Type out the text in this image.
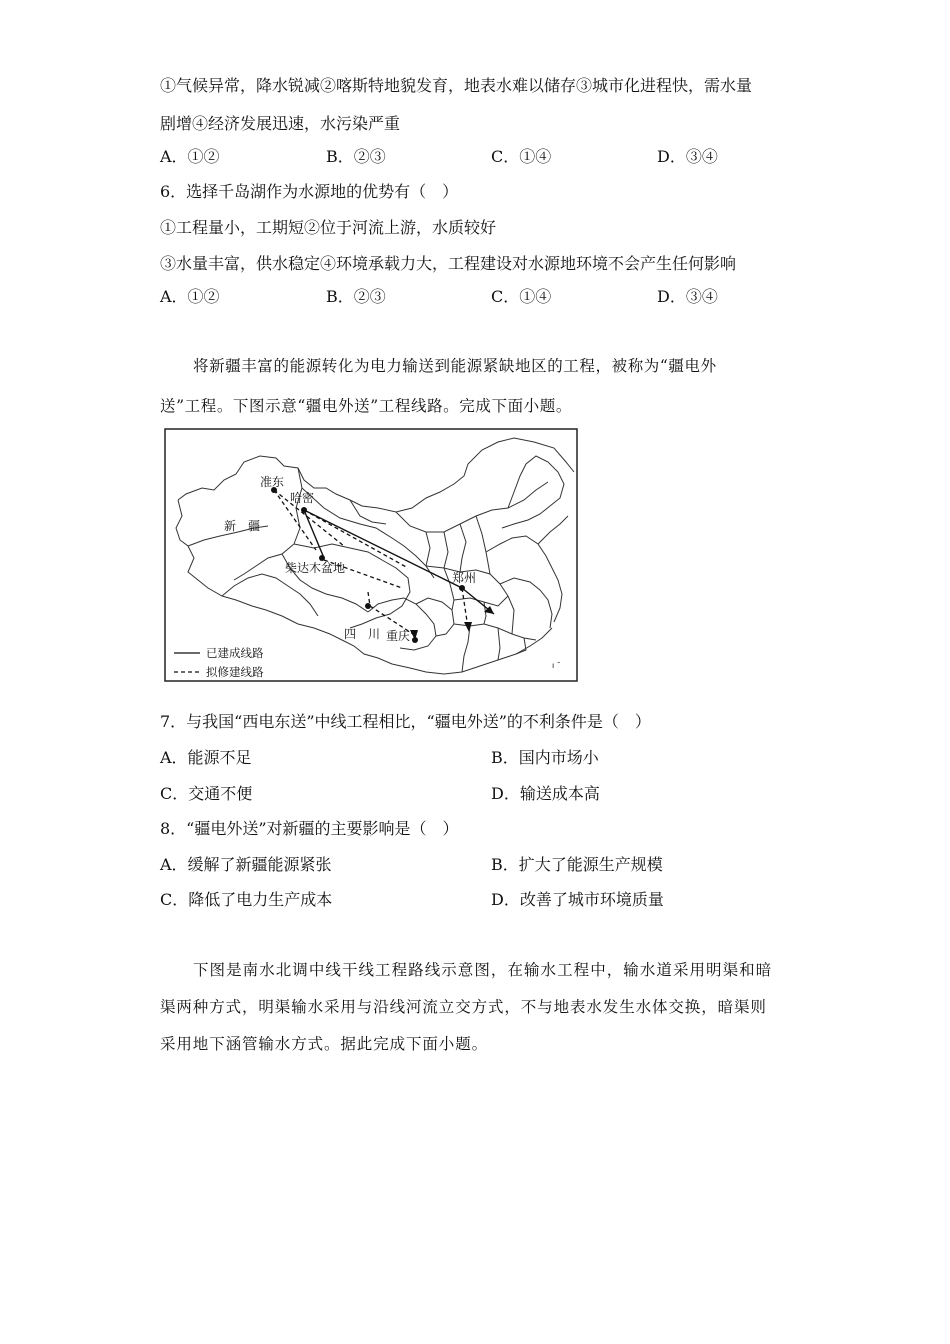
①气候异常，降水锐减②喀斯特地貌发育，地表水难以储存③城市化进程快，需水量
剧增④经济发展迅速，水污染严重
A．①②	B．②③	C．①④	D．③④
6．选择千岛湖作为水源地的优势有（　）
①工程量小，工期短②位于河流上游，水质较好
③水量丰富，供水稳定④环境承载力大，工程建设对水源地环境不会产生任何影响
A．①②	B．②③	C．①④	D．③④
将新疆丰富的能源转化为电力输送到能源紧缺地区的工程，被称为“疆电外
送”工程。下图示意“疆电外送”工程线路。完成下面小题。
准东
哈密
新　疆
柴达木盆地
郑州
四　川 重庆
已建成线路
拟修建线路	ı ˉ
7．与我国“西电东送”中线工程相比，“疆电外送”的不利条件是（　）
A．能源不足	B．国内市场小
C．交通不便	D．输送成本高
8．“疆电外送”对新疆的主要影响是（　）
A．缓解了新疆能源紧张	B．扩大了能源生产规模
C．降低了电力生产成本	D．改善了城市环境质量
下图是南水北调中线干线工程路线示意图，在输水工程中，输水道采用明渠和暗
渠两种方式，明渠输水采用与沿线河流立交方式，不与地表水发生水体交换，暗渠则
采用地下涵管输水方式。据此完成下面小题。
